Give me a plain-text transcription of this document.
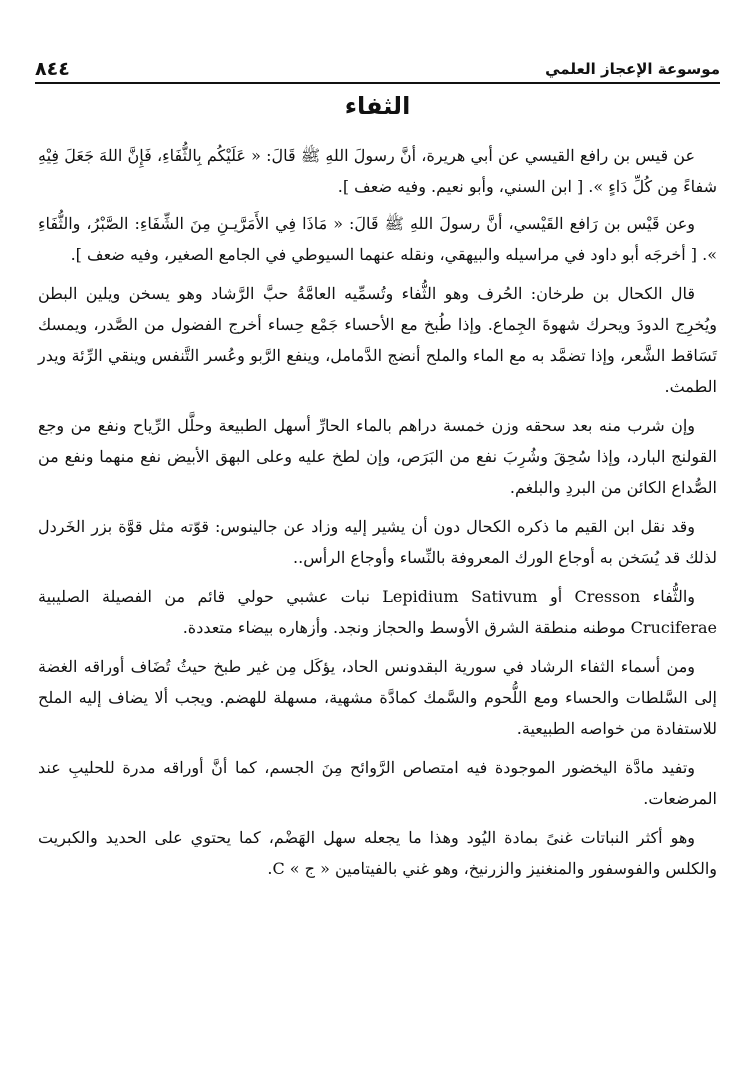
٨٤٤	موسوعة الإعجاز العلمي
الثفاء

عن قيس بن رافع القيسي عن أبي هريرة، أنَّ رسولَ اللهِ ﷺ قَالَ: « عَلَيْكُم بِالثُّفَاءِ، فَإِنَّ اللهَ جَعَلَ فِيْهِ شفاءً مِن كُلِّ دَاءٍ ». [ ابن السني، وأبو نعيم. وفيه ضعف ].

وعن قَيْس بن رَافع القَيْسي، أنَّ رسولَ اللهِ ﷺ قَالَ: « مَاذَا فِي الأَمَرَّيـنِ مِنَ الشِّفَاءِ: الصَّبْرُ، والثُّفَاءِ ». [ أخرجَه أبو داود في مراسيله والبيهقي، ونقله عنهما السيوطي في الجامع الصغير، وفيه ضعف ].

قال الكحال بن طرخان: الحُرف وهو الثُّفاء وتُسمِّيه العامَّةُ حبَّ الرَّشاد وهو يسخن ويلين البطن ويُخرِج الدودَ ويحرك شهوةَ الجِماع. وإذا طُبخ مع الأحساء جَمْع حِساء أخرج الفضول من الصَّدر، ويمسك تَسَاقط الشَّعر، وإذا تضمَّد به مع الماء والملح أنضج الدَّمامل، وينفع الرَّبو وعُسر التَّنفس وينقي الرِّئة ويدر الطمث.

وإن شرب منه بعد سحقه وزن خمسة دراهم بالماء الحارِّ أسهل الطبيعة وحلَّل الرِّياح ونفع من وجع القولنج البارد، وإذا سُحِقَ وشُرِبَ نفع من البَرَص، وإن لطخ عليه وعلى البهق الأبيض نفع منهما ونفع من الصُّداع الكائن من البردِ والبلغم.

وقد نقل ابن القيم ما ذكره الكحال دون أن يشير إليه وزاد عن جالينوس: قوّته مثل قوَّة بزر الخَردل لذلك قد يُسَخن به أوجاع الورك المعروفة بالنِّساء وأوجاع الرأس..

والثُّفاء Cresson أو Lepidium Sativum نبات عشبي حولي قائم من الفصيلة الصليبية Cruciferae موطنه منطقة الشرق الأوسط والحجاز ونجد. وأزهاره بيضاء متعددة.

ومن أسماء الثفاء الرشاد في سورية البقدونس الحاد، يؤكَل مِن غير طبخ حيثُ تُضَاف أوراقه الغضة إلى السَّلطات والحساء ومع اللُّحوم والسَّمك كمادَّة مشهية، مسهلة للهضم. ويجب ألا يضاف إليه الملح للاستفادة من خواصه الطبيعية.

وتفيد مادَّة اليخضور الموجودة فيه امتصاص الرَّوائح مِنَ الجسم، كما أنَّ أوراقه مدرة للحليبِ عند المرضعات.

وهو أكثر النباتات غنىً بمادة اليُود وهذا ما يجعله سهل الهَضْم، كما يحتوي على الحديد والكبريت والكلس والفوسفور والمنغنيز والزرنيخ، وهو غني بالفيتامين « ج » C.
